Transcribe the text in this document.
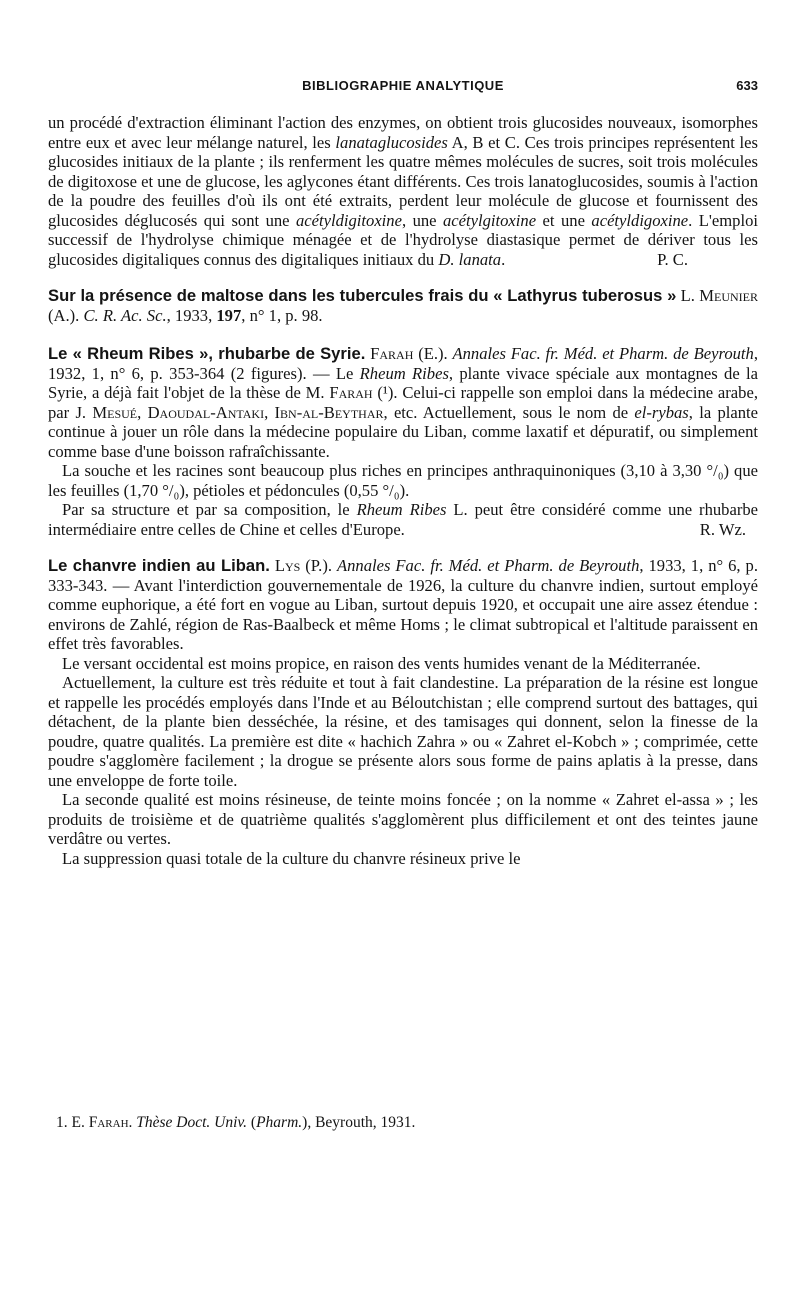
BIBLIOGRAPHIE ANALYTIQUE	633

un procédé d'extraction éliminant l'action des enzymes, on obtient trois glucosides nouveaux, isomorphes entre eux et avec leur mélange naturel, les lanataglucosides A, B et C. Ces trois principes représentent les glucosides initiaux de la plante ; ils renferment les quatre mêmes molécules de sucres, soit trois molécules de digitoxose et une de glucose, les aglycones étant différents. Ces trois lanatoglucosides, soumis à l'action de la poudre des feuilles d'où ils ont été extraits, perdent leur molécule de glucose et fournissent des glucosides déglucosés qui sont une acétyldigitoxine, une acétylgitoxine et une acétyldigoxine. L'emploi successif de l'hydrolyse chimique ménagée et de l'hydrolyse diastasique permet de dériver tous les glucosides digitaliques connus des digitaliques initiaux du D. lanata.	P. C.

Sur la présence de maltose dans les tubercules frais du « Lathyrus tuberosus » L. Meunier (A.). C. R. Ac. Sc., 1933, 197, n° 1, p. 98.

Le « Rheum Ribes », rhubarbe de Syrie. Farah (E.). Annales Fac. fr. Méd. et Pharm. de Beyrouth, 1932, 1, n° 6, p. 353-364 (2 figures). — Le Rheum Ribes, plante vivace spéciale aux montagnes de la Syrie, a déjà fait l'objet de la thèse de M. Farah (¹). Celui-ci rappelle son emploi dans la médecine arabe, par J. Mesué, Daoudal-Antaki, Ibn-al-Beythar, etc. Actuellement, sous le nom de el-rybas, la plante continue à jouer un rôle dans la médecine populaire du Liban, comme laxatif et dépuratif, ou simplement comme base d'une boisson rafraîchissante.

La souche et les racines sont beaucoup plus riches en principes anthraquinoniques (3,10 à 3,30 °/₀) que les feuilles (1,70 °/₀), pétioles et pédoncules (0,55 °/₀).

Par sa structure et par sa composition, le Rheum Ribes L. peut être considéré comme une rhubarbe intermédiaire entre celles de Chine et celles d'Europe.	R. Wz.

Le chanvre indien au Liban. Lys (P.). Annales Fac. fr. Méd. et Pharm. de Beyrouth, 1933, 1, n° 6, p. 333-343. — Avant l'interdiction gouvernementale de 1926, la culture du chanvre indien, surtout employé comme euphorique, a été fort en vogue au Liban, surtout depuis 1920, et occupait une aire assez étendue : environs de Zahlé, région de Ras-Baalbeck et même Homs ; le climat subtropical et l'altitude paraissent en effet très favorables.

Le versant occidental est moins propice, en raison des vents humides venant de la Méditerranée.

Actuellement, la culture est très réduite et tout à fait clandestine. La préparation de la résine est longue et rappelle les procédés employés dans l'Inde et au Béloutchistan ; elle comprend surtout des battages, qui détachent, de la plante bien desséchée, la résine, et des tamisages qui donnent, selon la finesse de la poudre, quatre qualités. La première est dite « hachich Zahra » ou « Zahret el-Kobch » ; comprimée, cette poudre s'agglomère facilement ; la drogue se présente alors sous forme de pains aplatis à la presse, dans une enveloppe de forte toile.

La seconde qualité est moins résineuse, de teinte moins foncée ; on la nomme « Zahret el-assa » ; les produits de troisième et de quatrième qualités s'agglomèrent plus difficilement et ont des teintes jaune verdâtre ou vertes.

La suppression quasi totale de la culture du chanvre résineux prive le

1. E. Farah. Thèse Doct. Univ. (Pharm.), Beyrouth, 1931.
